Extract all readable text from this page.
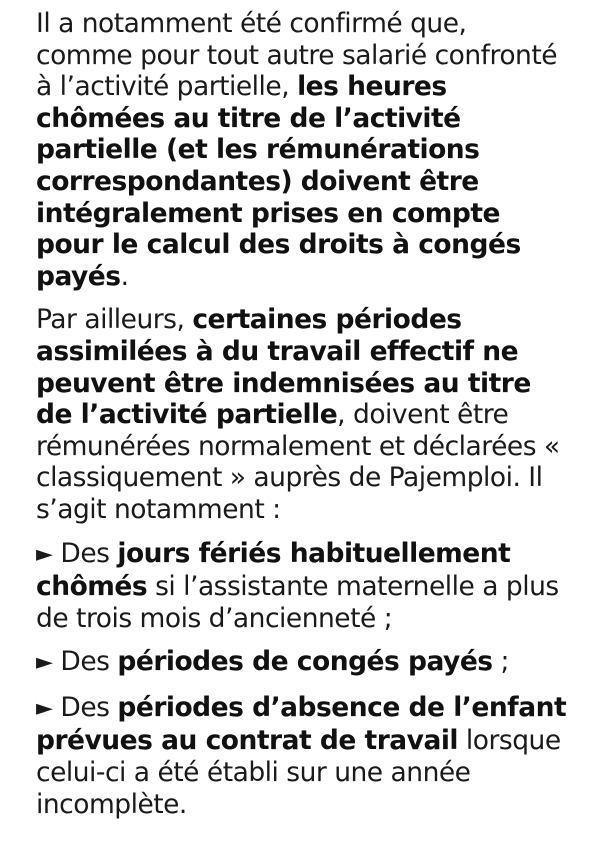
Il a notamment été confirmé que, comme pour tout autre salarié confronté à l’activité partielle, les heures chômées au titre de l’activité partielle (et les rémunérations correspondantes) doivent être intégralement prises en compte pour le calcul des droits à congés payés.

Par ailleurs, certaines périodes assimilées à du travail effectif ne peuvent être indemnisées au titre de l’activité partielle, doivent être rémunérées normalement et déclarées « classiquement » auprès de Pajemploi. Il s’agit notamment :

► Des jours fériés habituellement chômés si l’assistante maternelle a plus de trois mois d’ancienneté ;

► Des périodes de congés payés ;

► Des périodes d’absence de l’enfant prévues au contrat de travail lorsque celui-ci a été établi sur une année incomplète.
